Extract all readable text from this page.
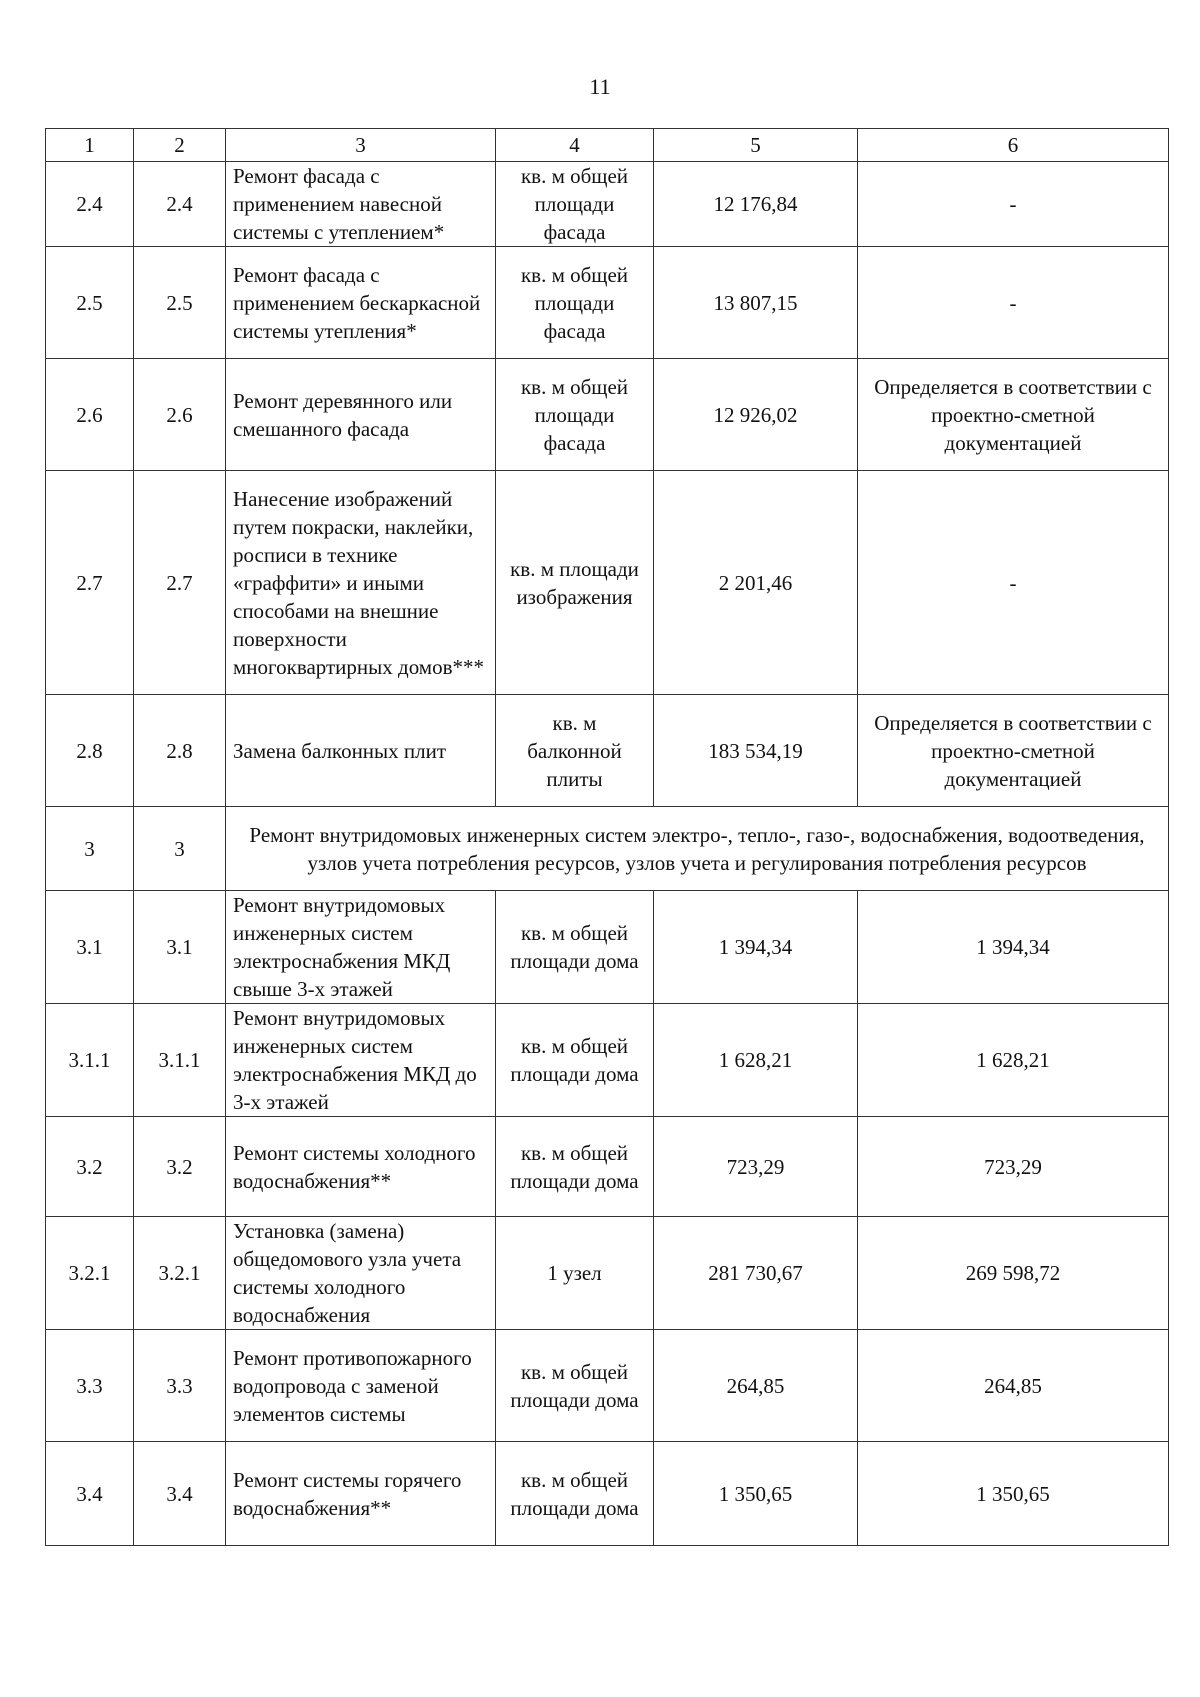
11
1	2	3	4	5	6
2.4	2.4	Ремонт фасада с применением навесной системы с утеплением*	кв. м общей площади фасада	12 176,84	-
2.5	2.5	Ремонт фасада с применением бескаркасной системы утепления*	кв. м общей площади фасада	13 807,15	-
2.6	2.6	Ремонт деревянного или смешанного фасада	кв. м общей площади фасада	12 926,02	Определяется в соответствии с проектно-сметной документацией
2.7	2.7	Нанесение изображений путем покраски, наклейки, росписи в технике «граффити» и иными способами на внешние поверхности многоквартирных домов***	кв. м площади изображения	2 201,46	-
2.8	2.8	Замена балконных плит	кв. м балконной плиты	183 534,19	Определяется в соответствии с проектно-сметной документацией
3	3	Ремонт внутридомовых инженерных систем электро-, тепло-, газо-, водоснабжения, водоотведения, узлов учета потребления ресурсов, узлов учета и регулирования потребления ресурсов			
3.1	3.1	Ремонт внутридомовых инженерных систем электроснабжения МКД свыше 3-х этажей	кв. м общей площади дома	1 394,34	1 394,34
3.1.1	3.1.1	Ремонт внутридомовых инженерных систем электроснабжения МКД до 3-х этажей	кв. м общей площади дома	1 628,21	1 628,21
3.2	3.2	Ремонт системы холодного водоснабжения**	кв. м общей площади дома	723,29	723,29
3.2.1	3.2.1	Установка (замена) общедомового узла учета системы холодного водоснабжения	1 узел	281 730,67	269 598,72
3.3	3.3	Ремонт противопожарного водопровода с заменой элементов системы	кв. м общей площади дома	264,85	264,85
3.4	3.4	Ремонт системы горячего водоснабжения**	кв. м общей площади дома	1 350,65	1 350,65
